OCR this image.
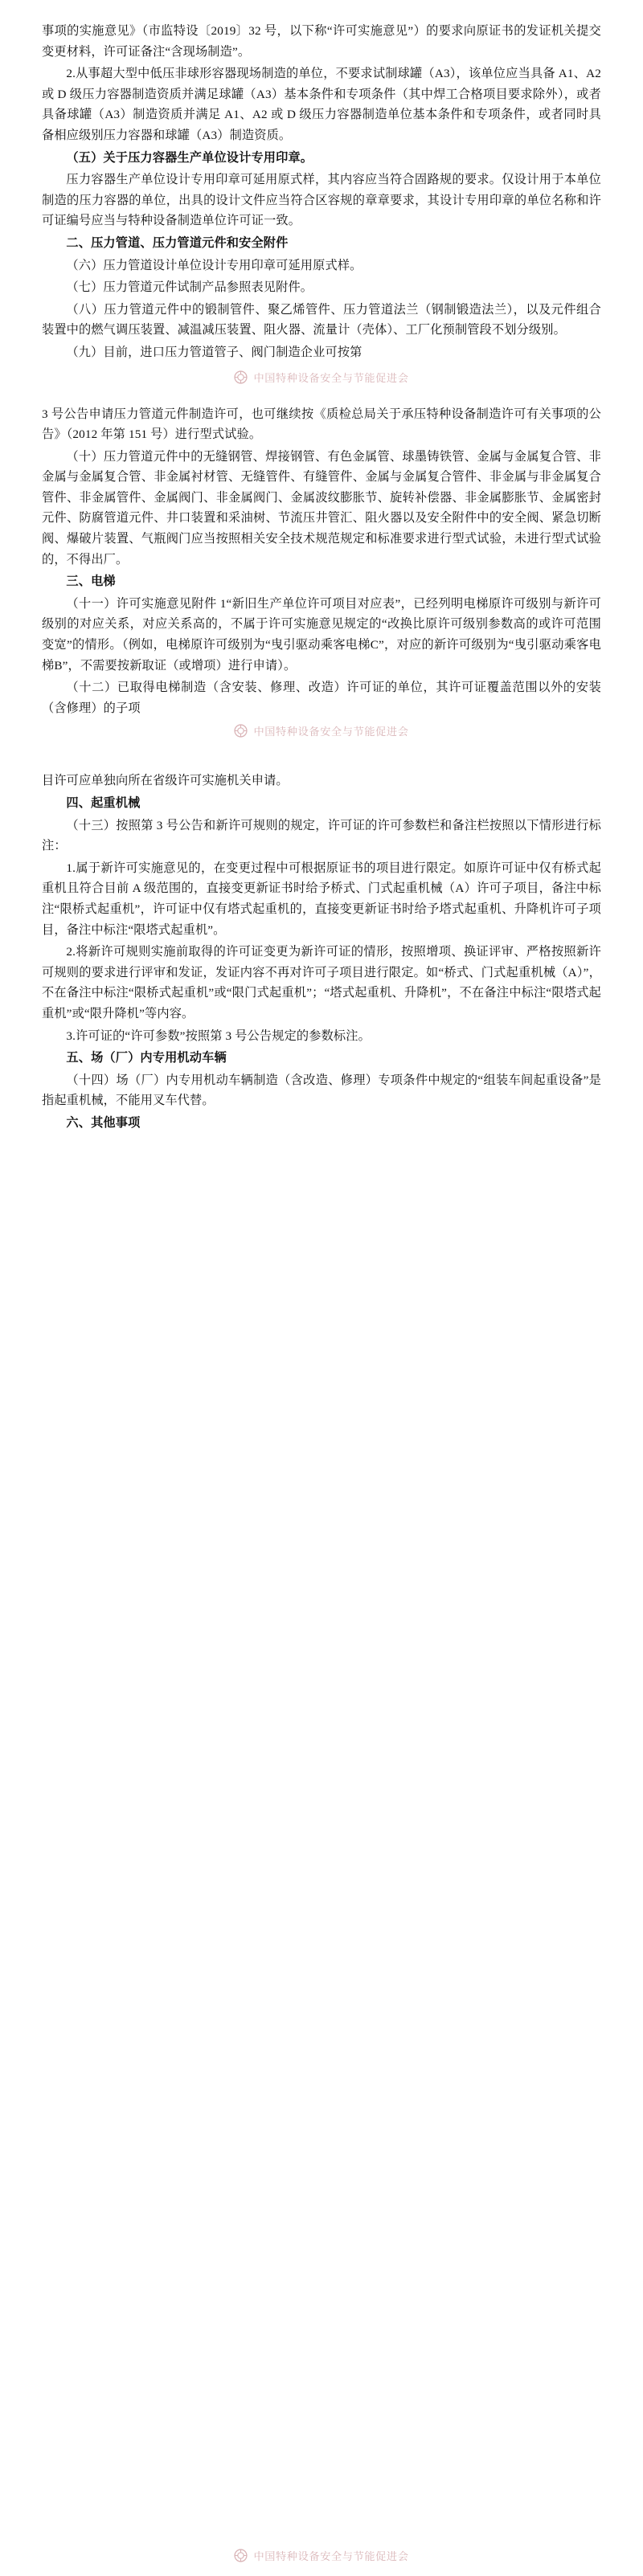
事项的实施意见》（市监特设〔2019〕32 号，以下称“许可实施意见”）的要求向原证书的发证机关提交变更材料，许可证备注“含现场制造”。

2.从事超大型中低压非球形容器现场制造的单位，不要求试制球罐（A3），该单位应当具备 A1、A2 或 D 级压力容器制造资质并满足球罐（A3）基本条件和专项条件（其中焊工合格项目要求除外），或者具备球罐（A3）制造资质并满足 A1、A2 或 D 级压力容器制造单位基本条件和专项条件，或者同时具备相应级别压力容器和球罐（A3）制造资质。

（五）关于压力容器生产单位设计专用印章。

压力容器生产单位设计专用印章可延用原式样，其内容应当符合固路规的要求。仅设计用于本单位制造的压力容器的单位，出具的设计文件应当符合区容规的章章要求，其设计专用印章的单位名称和许可证编号应当与特种设备制造单位许可证一致。

二、压力管道、压力管道元件和安全附件

（六）压力管道设计单位设计专用印章可延用原式样。

（七）压力管道元件试制产品参照表见附件。

（八）压力管道元件中的锻制管件、聚乙烯管件、压力管道法兰（钢制锻造法兰），以及元件组合装置中的燃气调压装置、减温减压装置、阻火器、流量计（壳体）、工厂化预制管段不划分级别。

（九）目前，进口压力管道管子、阀门制造企业可按第

中国特种设备安全与节能促进会

3 号公告申请压力管道元件制造许可，也可继续按《质检总局关于承压特种设备制造许可有关事项的公告》（2012 年第 151 号）进行型式试验。

（十）压力管道元件中的无缝钢管、焊接钢管、有色金属管、球墨铸铁管、金属与金属复合管、非金属与金属复合管、非金属衬材管、无缝管件、有缝管件、金属与金属复合管件、非金属与非金属复合管件、非金属管件、金属阀门、非金属阀门、金属波纹膨胀节、旋转补偿器、非金属膨胀节、金属密封元件、防腐管道元件、井口装置和采油树、节流压井管汇、阻火器以及安全附件中的安全阀、紧急切断阀、爆破片装置、气瓶阀门应当按照相关安全技术规范规定和标准要求进行型式试验，未进行型式试验的，不得出厂。

三、电梯

（十一）许可实施意见附件 1“新旧生产单位许可项目对应表”，已经列明电梯原许可级别与新许可级别的对应关系，对应关系高的，不属于许可实施意见规定的“改换比原许可级别参数高的或许可范围变宽”的情形。（例如，电梯原许可级别为“曳引驱动乘客电梯C”，对应的新许可级别为“曳引驱动乘客电梯B”，不需要按新取证（或增项）进行申请）。

（十二）已取得电梯制造（含安装、修理、改造）许可证的单位，其许可证覆盖范围以外的安装（含修理）的子项

中国特种设备安全与节能促进会

目许可应单独向所在省级许可实施机关申请。

四、起重机械

（十三）按照第 3 号公告和新许可规则的规定，许可证的许可参数栏和备注栏按照以下情形进行标注：

1.属于新许可实施意见的，在变更过程中可根据原证书的项目进行限定。如原许可证中仅有桥式起重机且符合目前 A 级范围的，直接变更新证书时给予桥式、门式起重机械（A）许可子项目，备注中标注“限桥式起重机”，许可证中仅有塔式起重机的，直接变更新证书时给予塔式起重机、升降机许可子项目，备注中标注“限塔式起重机”。

2.将新许可规则实施前取得的许可证变更为新许可证的情形，按照增项、换证评审、严格按照新许可规则的要求进行评审和发证，发证内容不再对许可子项目进行限定。如“桥式、门式起重机械（A）”，不在备注中标注“限桥式起重机”或“限门式起重机”；“塔式起重机、升降机”，不在备注中标注“限塔式起重机”或“限升降机”等内容。

3.许可证的“许可参数”按照第 3 号公告规定的参数标注。

五、场（厂）内专用机动车辆

（十四）场（厂）内专用机动车辆制造（含改造、修理）专项条件中规定的“组装车间起重设备”是指起重机械，不能用叉车代替。

六、其他事项
中国特种设备安全与节能促进会
